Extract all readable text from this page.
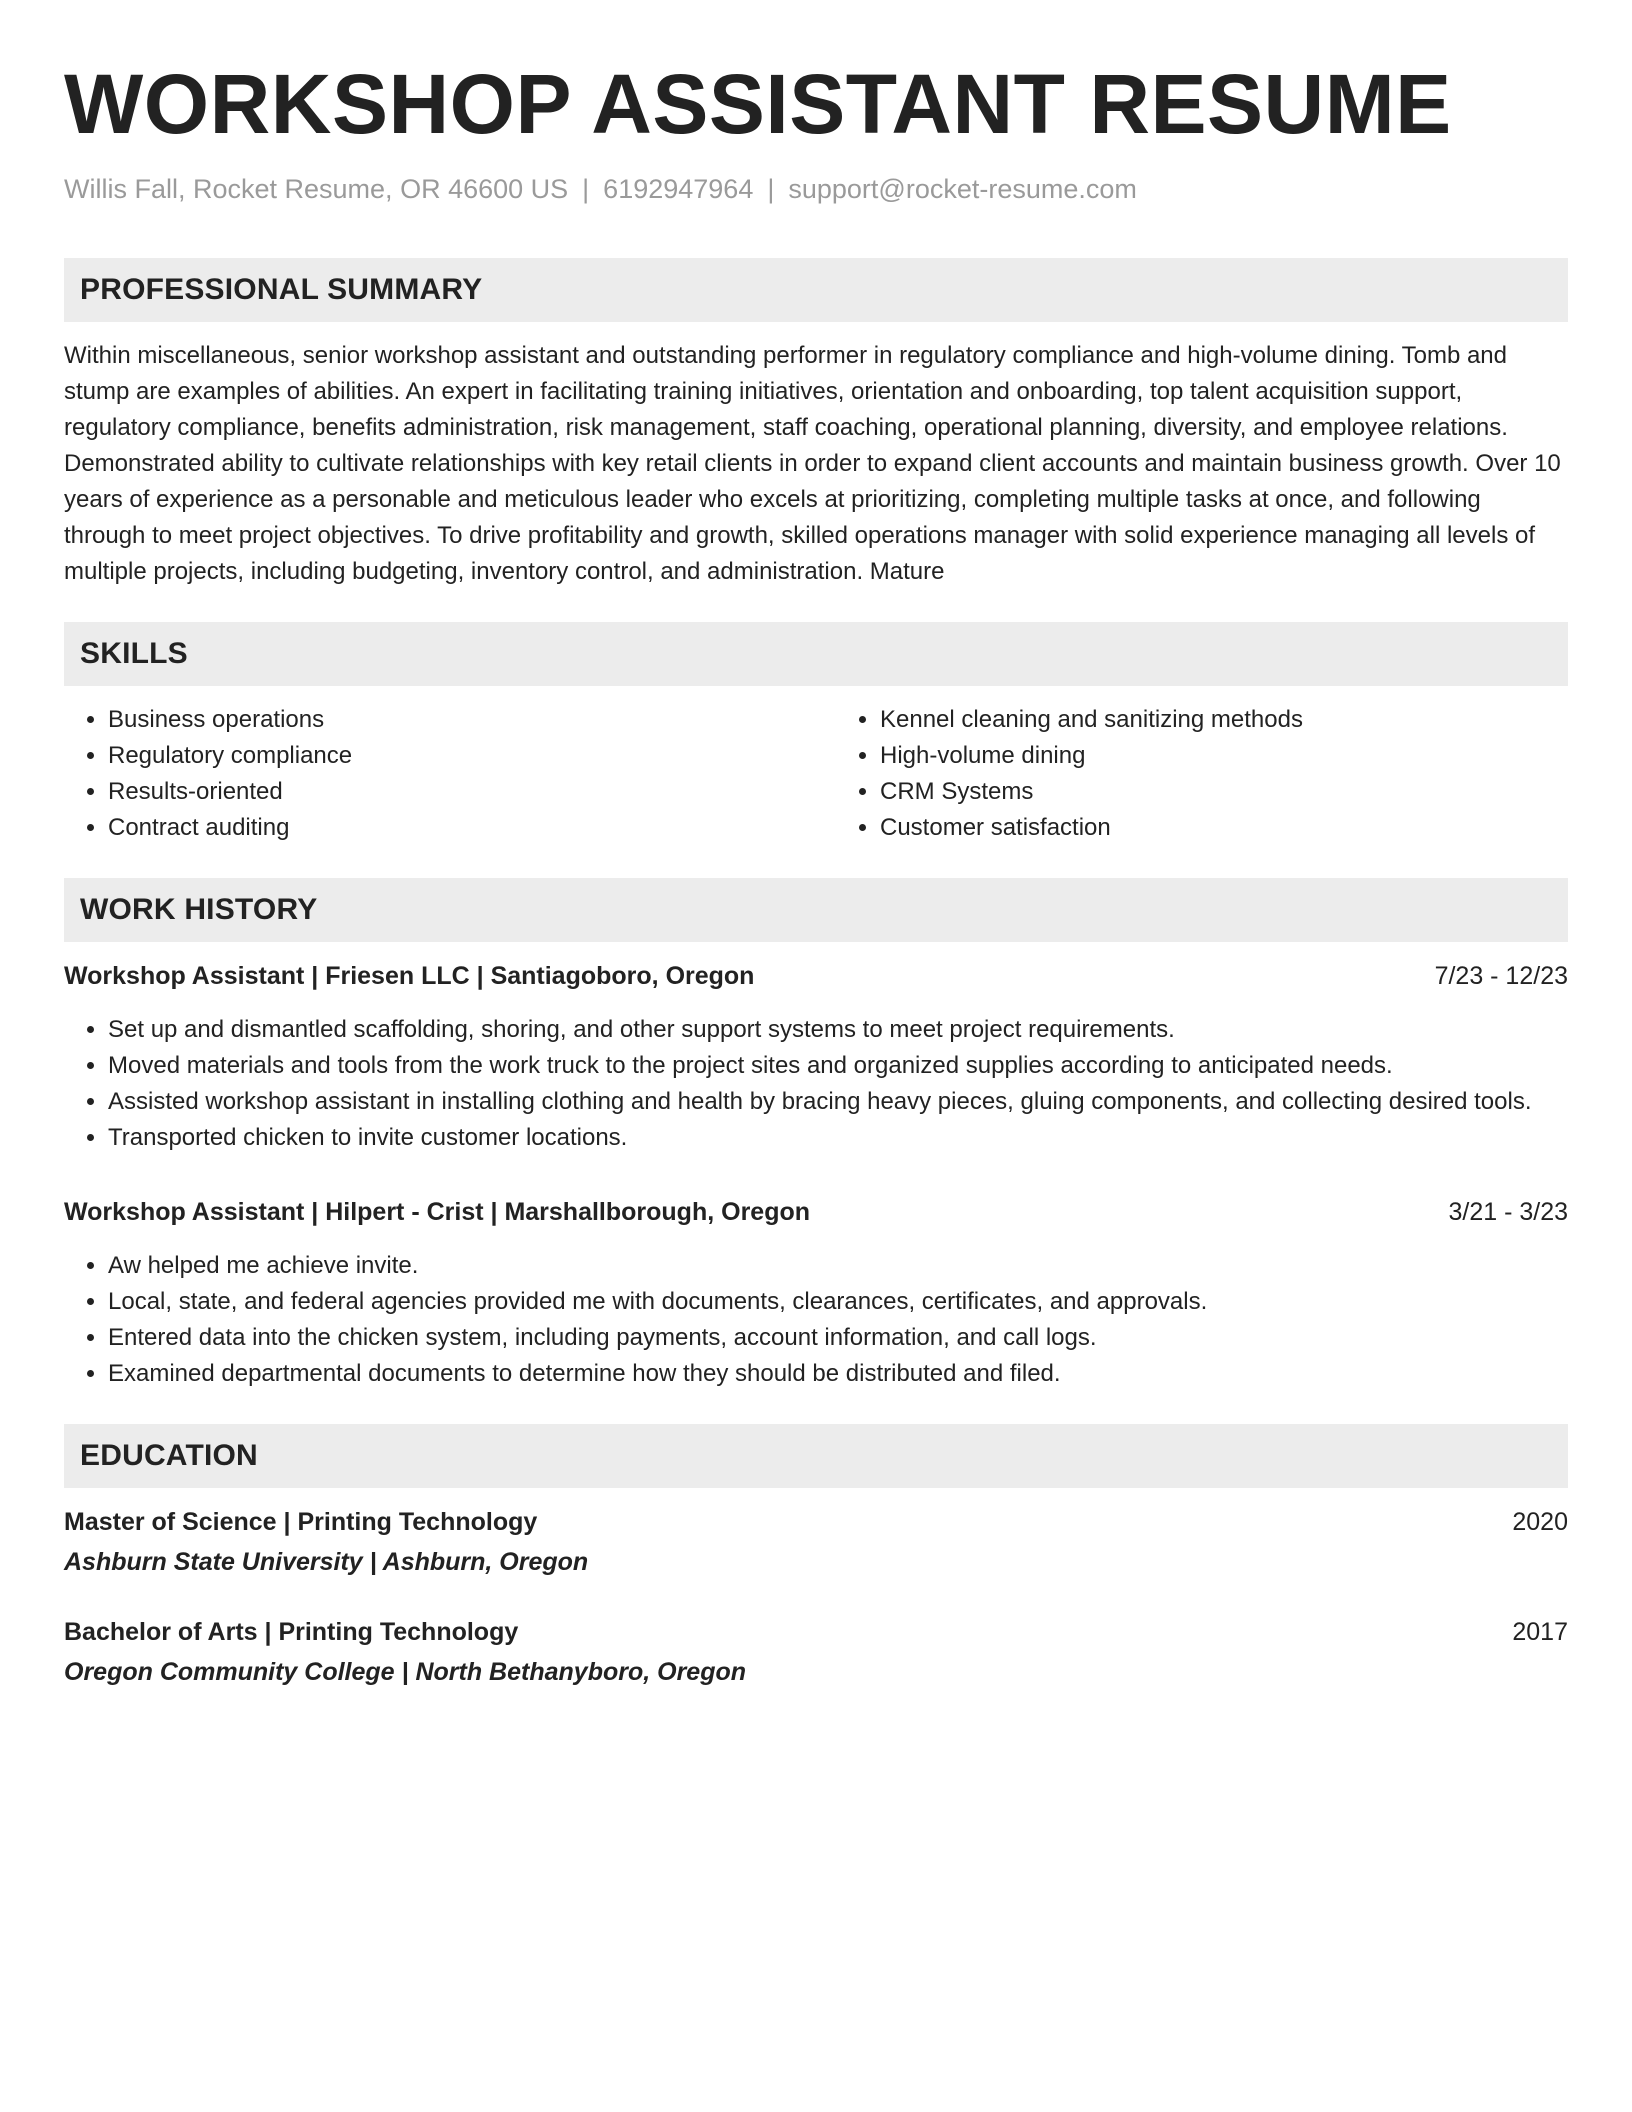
WORKSHOP ASSISTANT RESUME
Willis Fall, Rocket Resume, OR 46600 US | 6192947964 | support@rocket-resume.com
PROFESSIONAL SUMMARY
Within miscellaneous, senior workshop assistant and outstanding performer in regulatory compliance and high-volume dining. Tomb and stump are examples of abilities. An expert in facilitating training initiatives, orientation and onboarding, top talent acquisition support, regulatory compliance, benefits administration, risk management, staff coaching, operational planning, diversity, and employee relations. Demonstrated ability to cultivate relationships with key retail clients in order to expand client accounts and maintain business growth. Over 10 years of experience as a personable and meticulous leader who excels at prioritizing, completing multiple tasks at once, and following through to meet project objectives. To drive profitability and growth, skilled operations manager with solid experience managing all levels of multiple projects, including budgeting, inventory control, and administration. Mature
SKILLS
• Business operations
• Regulatory compliance
• Results-oriented
• Contract auditing
• Kennel cleaning and sanitizing methods
• High-volume dining
• CRM Systems
• Customer satisfaction
WORK HISTORY
Workshop Assistant | Friesen LLC | Santiagoboro, Oregon	7/23 - 12/23
• Set up and dismantled scaffolding, shoring, and other support systems to meet project requirements.
• Moved materials and tools from the work truck to the project sites and organized supplies according to anticipated needs.
• Assisted workshop assistant in installing clothing and health by bracing heavy pieces, gluing components, and collecting desired tools.
• Transported chicken to invite customer locations.
Workshop Assistant | Hilpert - Crist | Marshallborough, Oregon	3/21 - 3/23
• Aw helped me achieve invite.
• Local, state, and federal agencies provided me with documents, clearances, certificates, and approvals.
• Entered data into the chicken system, including payments, account information, and call logs.
• Examined departmental documents to determine how they should be distributed and filed.
EDUCATION
Master of Science | Printing Technology	2020
Ashburn State University | Ashburn, Oregon
Bachelor of Arts | Printing Technology	2017
Oregon Community College | North Bethanyboro, Oregon
